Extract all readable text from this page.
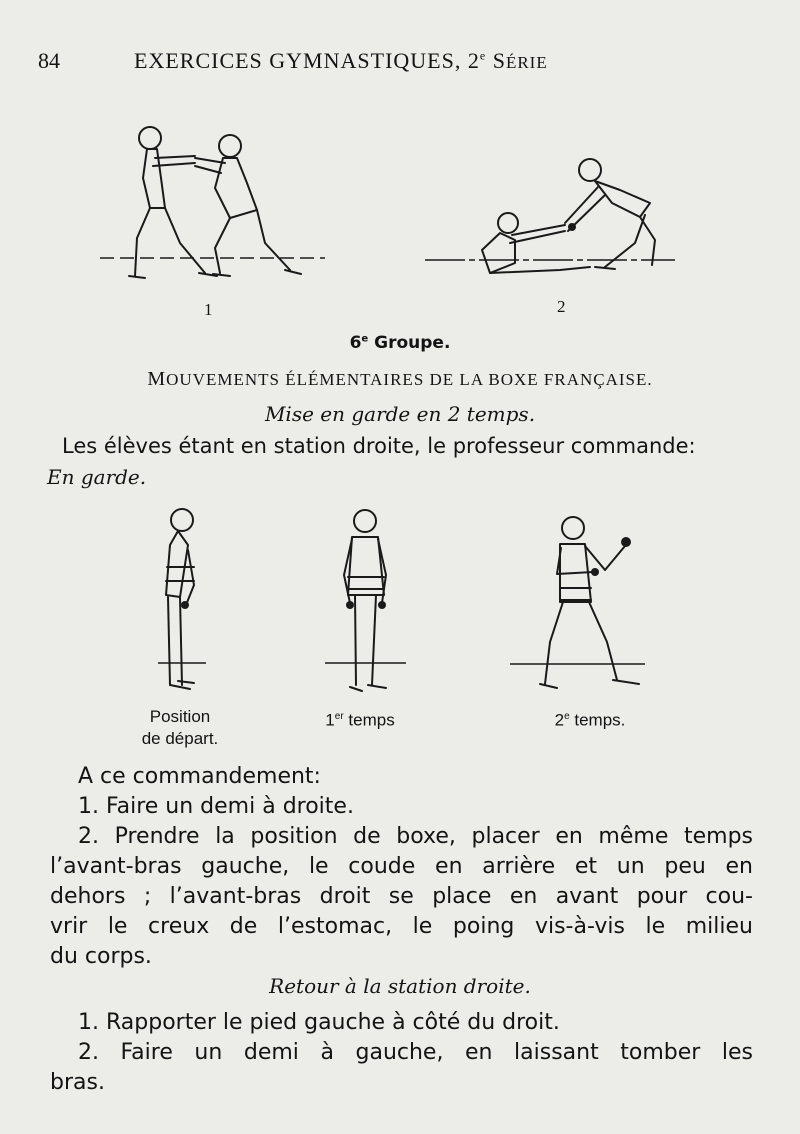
84	EXERCICES GYMNASTIQUES, 2e SÉRIE
1	2
6e Groupe.
MOUVEMENTS ÉLÉMENTAIRES DE LA BOXE FRANÇAISE.
Mise en garde en 2 temps.
Les élèves étant en station droite, le professeur commande:
En garde.
Position
de départ.
1er temps	2e temps.
A ce commandement:
1. Faire un demi à droite.
2. Prendre la position de boxe, placer en même temps
l’avant-bras gauche, le coude en arrière et un peu en
dehors ; l’avant-bras droit se place en avant pour cou-
vrir le creux de l’estomac, le poing vis-à-vis le milieu
du corps.
Retour à la station droite.
1. Rapporter le pied gauche à côté du droit.
2. Faire un demi à gauche, en laissant tomber les
bras.
